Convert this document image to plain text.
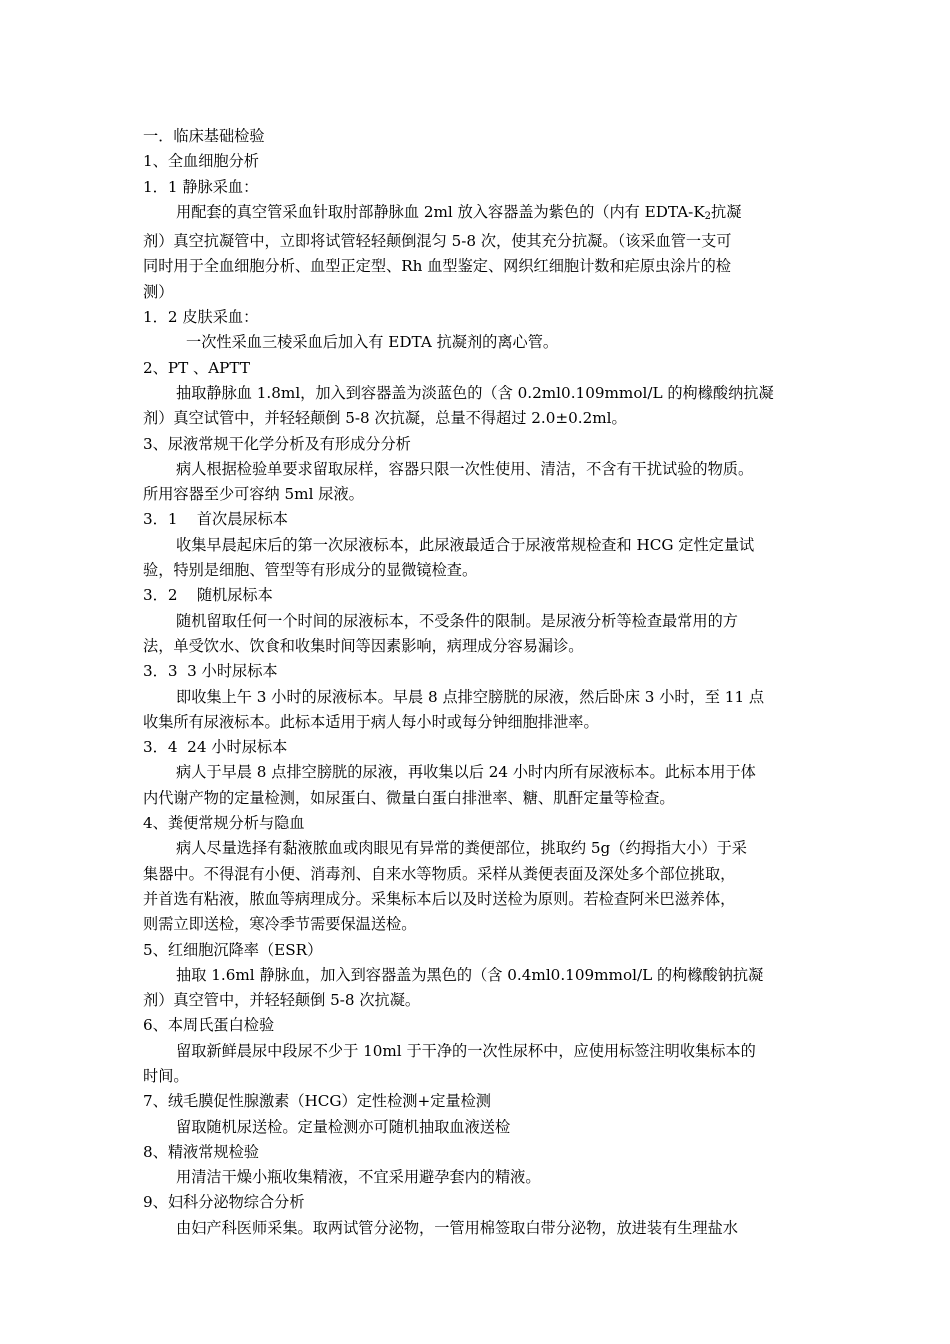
一．临床基础检验
1、全血细胞分析
1．1 静脉采血：
用配套的真空管采血针取肘部静脉血 2ml 放入容器盖为紫色的（内有 EDTA-$K_2$抗凝
剂）真空抗凝管中，立即将试管轻轻颠倒混匀 5-8 次，使其充分抗凝。（该采血管一支可
同时用于全血细胞分析、血型正定型、Rh 血型鉴定、网织红细胞计数和疟原虫涂片的检
测）
1．2 皮肤采血：
一次性采血三棱采血后加入有 EDTA 抗凝剂的离心管。
2、PT 、APTT
抽取静脉血 1.8ml，加入到容器盖为淡蓝色的（含 0.2ml0.109mmol/L 的枸橼酸纳抗凝
剂）真空试管中，并轻轻颠倒 5-8 次抗凝，总量不得超过 2.0±0.2ml。
3、尿液常规干化学分析及有形成分分析
病人根据检验单要求留取尿样，容器只限一次性使用、清洁，不含有干扰试验的物质。
所用容器至少可容纳 5ml 尿液。
3．1    首次晨尿标本
收集早晨起床后的第一次尿液标本，此尿液最适合于尿液常规检查和 HCG 定性定量试
验，特别是细胞、管型等有形成分的显微镜检查。
3．2    随机尿标本
随机留取任何一个时间的尿液标本，不受条件的限制。是尿液分析等检查最常用的方
法，单受饮水、饮食和收集时间等因素影响，病理成分容易漏诊。
3．3  3 小时尿标本
即收集上午 3 小时的尿液标本。早晨 8 点排空膀胱的尿液，然后卧床 3 小时，至 11 点
收集所有尿液标本。此标本适用于病人每小时或每分钟细胞排泄率。
3．4  24 小时尿标本
病人于早晨 8 点排空膀胱的尿液，再收集以后 24 小时内所有尿液标本。此标本用于体
内代谢产物的定量检测，如尿蛋白、微量白蛋白排泄率、糖、肌酐定量等检查。
4、粪便常规分析与隐血
病人尽量选择有黏液脓血或肉眼见有异常的粪便部位，挑取约 5g（约拇指大小）于采
集器中。不得混有小便、消毒剂、自来水等物质。采样从粪便表面及深处多个部位挑取，
并首选有粘液，脓血等病理成分。采集标本后以及时送检为原则。若检查阿米巴滋养体，
则需立即送检，寒冷季节需要保温送检。
5、红细胞沉降率（ESR）
抽取 1.6ml 静脉血，加入到容器盖为黑色的（含 0.4ml0.109mmol/L 的枸橼酸钠抗凝
剂）真空管中，并轻轻颠倒 5-8 次抗凝。
6、本周氏蛋白检验
留取新鲜晨尿中段尿不少于 10ml 于干净的一次性尿杯中，应使用标签注明收集标本的
时间。
7、绒毛膜促性腺激素（HCG）定性检测+定量检测
留取随机尿送检。定量检测亦可随机抽取血液送检
8、精液常规检验
用清洁干燥小瓶收集精液，不宜采用避孕套内的精液。
9、妇科分泌物综合分析
由妇产科医师采集。取两试管分泌物，一管用棉签取白带分泌物，放进装有生理盐水
